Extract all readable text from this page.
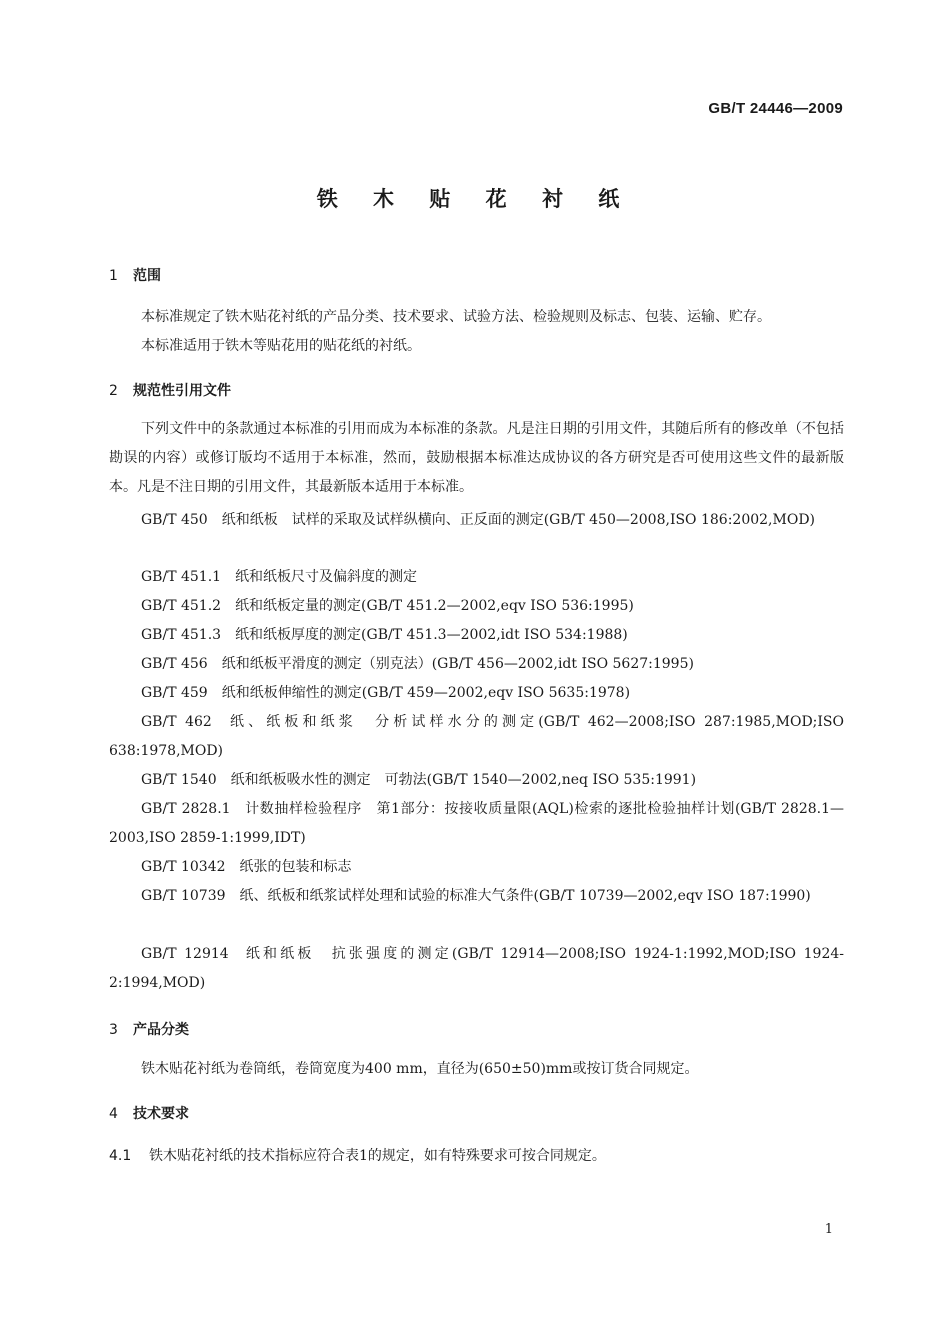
GB/T 24446—2009
铁 木 贴 花 衬 纸
1 范围
本标准规定了铁木贴花衬纸的产品分类、技术要求、试验方法、检验规则及标志、包装、运输、贮存。
本标准适用于铁木等贴花用的贴花纸的衬纸。
2 规范性引用文件
下列文件中的条款通过本标准的引用而成为本标准的条款。凡是注日期的引用文件，其随后所有的修改单（不包括勘误的内容）或修订版均不适用于本标准，然而，鼓励根据本标准达成协议的各方研究是否可使用这些文件的最新版本。凡是不注日期的引用文件，其最新版本适用于本标准。
GB/T 450 纸和纸板　试样的采取及试样纵横向、正反面的测定(GB/T 450—2008,ISO 186:2002,MOD)
GB/T 451.1 纸和纸板尺寸及偏斜度的测定
GB/T 451.2 纸和纸板定量的测定(GB/T 451.2—2002,eqv ISO 536:1995)
GB/T 451.3 纸和纸板厚度的测定(GB/T 451.3—2002,idt ISO 534:1988)
GB/T 456 纸和纸板平滑度的测定（别克法）(GB/T 456—2002,idt ISO 5627:1995)
GB/T 459 纸和纸板伸缩性的测定(GB/T 459—2002,eqv ISO 5635:1978)
GB/T 462 纸、纸板和纸浆　分析试样水分的测定(GB/T 462—2008;ISO 287:1985,MOD;ISO 638:1978,MOD)
GB/T 1540 纸和纸板吸水性的测定　可勃法(GB/T 1540—2002,neq ISO 535:1991)
GB/T 2828.1 计数抽样检验程序　第1部分：按接收质量限(AQL)检索的逐批检验抽样计划(GB/T 2828.1—2003,ISO 2859-1:1999,IDT)
GB/T 10342 纸张的包装和标志
GB/T 10739 纸、纸板和纸浆试样处理和试验的标准大气条件(GB/T 10739—2002,eqv ISO 187:1990)
GB/T 12914 纸和纸板　抗张强度的测定(GB/T 12914—2008;ISO 1924-1:1992,MOD;ISO 1924-2:1994,MOD)
3 产品分类
铁木贴花衬纸为卷筒纸，卷筒宽度为400 mm，直径为(650±50)mm或按订货合同规定。
4 技术要求
4.1 铁木贴花衬纸的技术指标应符合表1的规定，如有特殊要求可按合同规定。
1
